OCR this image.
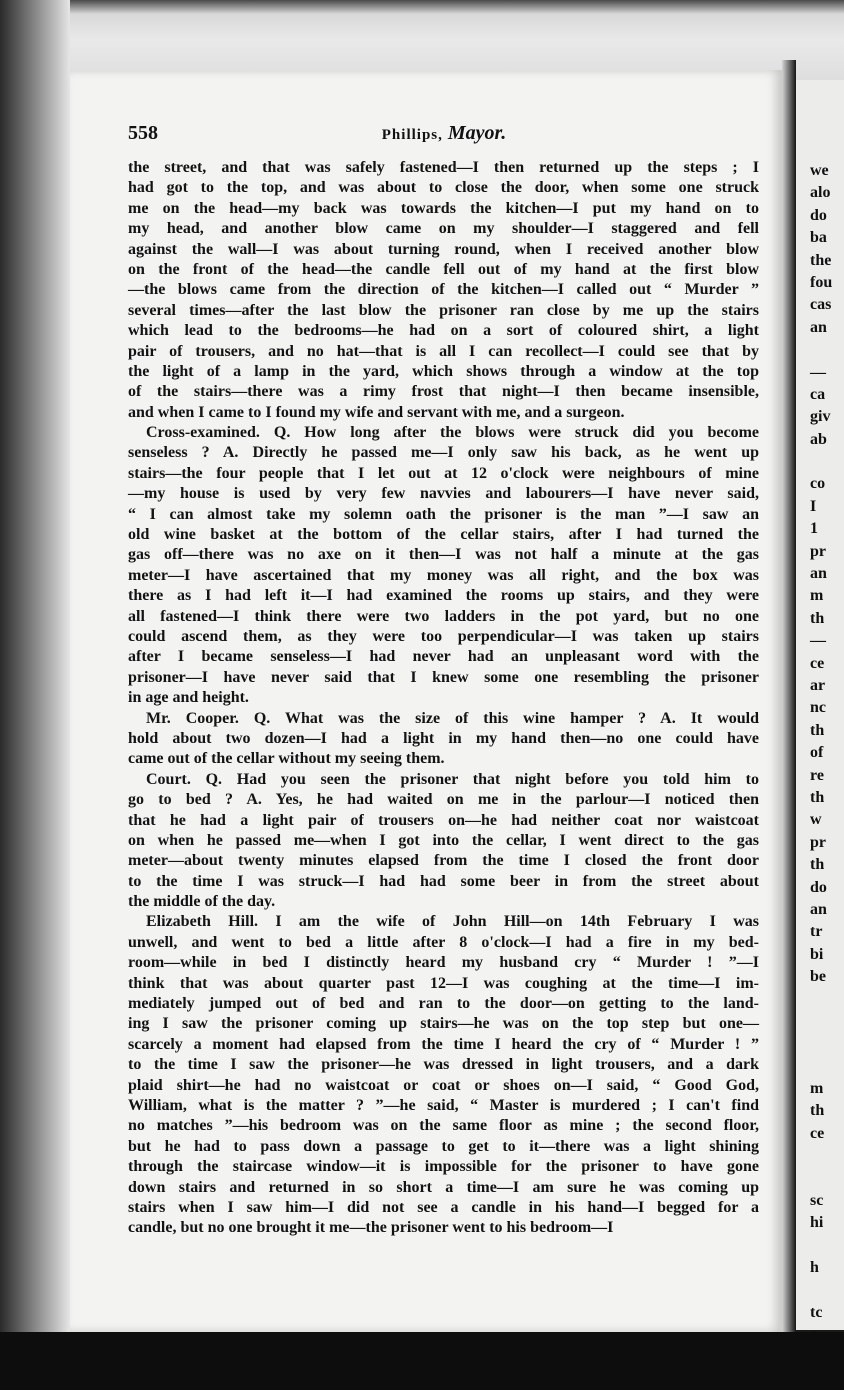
we
alo
do
ba
the
fou
cas
an
—
ca
giv
ab
co
I
1
pr
an
m
th
—
ce
ar
nc
th
of
re
th
w
pr
th
do
an
tr
bi
be
m
th
ce
sc
hi
h
tc
558	Phillips, Mayor.
the street, and that was safely fastened—I then returned up the steps ; I
had got to the top, and was about to close the door, when some one struck
me on the head—my back was towards the kitchen—I put my hand on to
my head, and another blow came on my shoulder—I staggered and fell
against the wall—I was about turning round, when I received another blow
on the front of the head—the candle fell out of my hand at the first blow
—the blows came from the direction of the kitchen—I called out “ Murder ”
several times—after the last blow the prisoner ran close by me up the stairs
which lead to the bedrooms—he had on a sort of coloured shirt, a light
pair of trousers, and no hat—that is all I can recollect—I could see that by
the light of a lamp in the yard, which shows through a window at the top
of the stairs—there was a rimy frost that night—I then became insensible,
and when I came to I found my wife and servant with me, and a surgeon.
Cross-examined. Q. How long after the blows were struck did you become
senseless ? A. Directly he passed me—I only saw his back, as he went up
stairs—the four people that I let out at 12 o'clock were neighbours of mine
—my house is used by very few navvies and labourers—I have never said,
“ I can almost take my solemn oath the prisoner is the man ”—I saw an
old wine basket at the bottom of the cellar stairs, after I had turned the
gas off—there was no axe on it then—I was not half a minute at the gas
meter—I have ascertained that my money was all right, and the box was
there as I had left it—I had examined the rooms up stairs, and they were
all fastened—I think there were two ladders in the pot yard, but no one
could ascend them, as they were too perpendicular—I was taken up stairs
after I became senseless—I had never had an unpleasant word with the
prisoner—I have never said that I knew some one resembling the prisoner
in age and height.
Mr. Cooper. Q. What was the size of this wine hamper ? A. It would
hold about two dozen—I had a light in my hand then—no one could have
came out of the cellar without my seeing them.
Court. Q. Had you seen the prisoner that night before you told him to
go to bed ? A. Yes, he had waited on me in the parlour—I noticed then
that he had a light pair of trousers on—he had neither coat nor waistcoat
on when he passed me—when I got into the cellar, I went direct to the gas
meter—about twenty minutes elapsed from the time I closed the front door
to the time I was struck—I had had some beer in from the street about
the middle of the day.
Elizabeth Hill. I am the wife of John Hill—on 14th February I was
unwell, and went to bed a little after 8 o'clock—I had a fire in my bed-
room—while in bed I distinctly heard my husband cry “ Murder ! ”—I
think that was about quarter past 12—I was coughing at the time—I im-
mediately jumped out of bed and ran to the door—on getting to the land-
ing I saw the prisoner coming up stairs—he was on the top step but one—
scarcely a moment had elapsed from the time I heard the cry of “ Murder ! ”
to the time I saw the prisoner—he was dressed in light trousers, and a dark
plaid shirt—he had no waistcoat or coat or shoes on—I said, “ Good God,
William, what is the matter ? ”—he said, “ Master is murdered ; I can't find
no matches ”—his bedroom was on the same floor as mine ; the second floor,
but he had to pass down a passage to get to it—there was a light shining
through the staircase window—it is impossible for the prisoner to have gone
down stairs and returned in so short a time—I am sure he was coming up
stairs when I saw him—I did not see a candle in his hand—I begged for a
candle, but no one brought it me—the prisoner went to his bedroom—I
